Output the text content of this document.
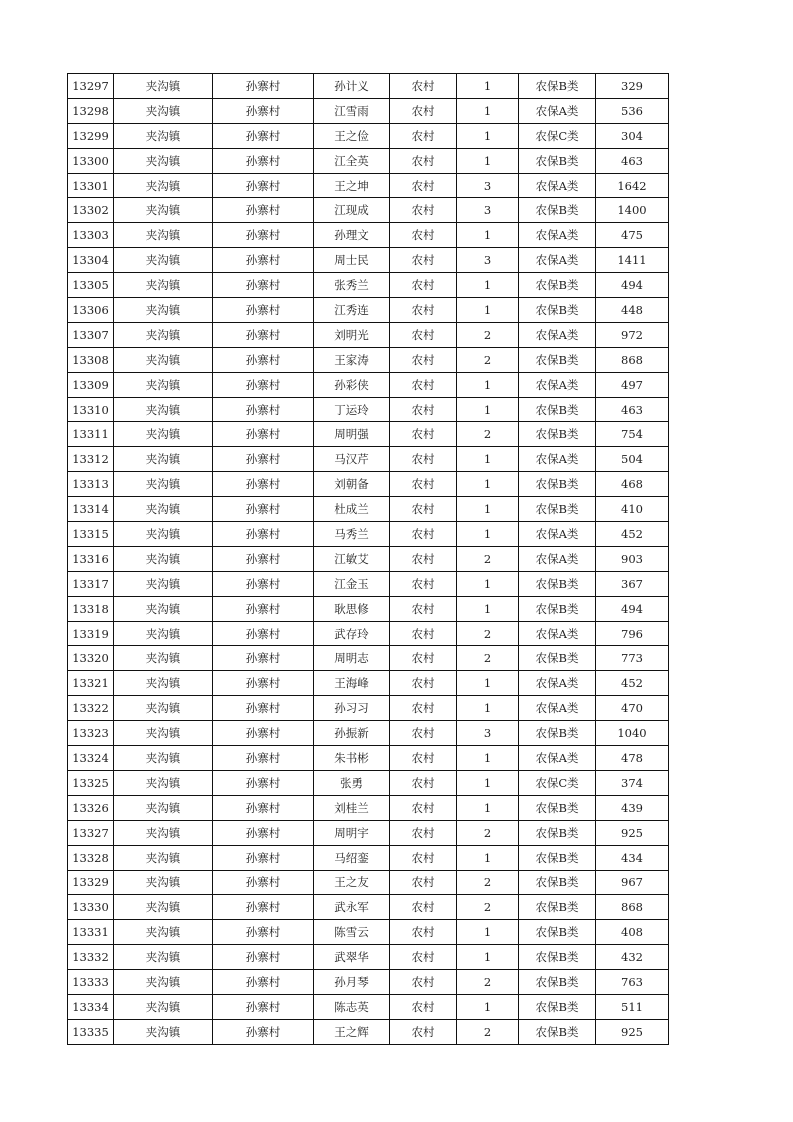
13297	夹沟镇	孙寨村	孙计义	农村	1	农保B类	329
13298	夹沟镇	孙寨村	江雪雨	农村	1	农保A类	536
13299	夹沟镇	孙寨村	王之俭	农村	1	农保C类	304
13300	夹沟镇	孙寨村	江全英	农村	1	农保B类	463
13301	夹沟镇	孙寨村	王之坤	农村	3	农保A类	1642
13302	夹沟镇	孙寨村	江现成	农村	3	农保B类	1400
13303	夹沟镇	孙寨村	孙理文	农村	1	农保A类	475
13304	夹沟镇	孙寨村	周士民	农村	3	农保A类	1411
13305	夹沟镇	孙寨村	张秀兰	农村	1	农保B类	494
13306	夹沟镇	孙寨村	江秀连	农村	1	农保B类	448
13307	夹沟镇	孙寨村	刘明光	农村	2	农保A类	972
13308	夹沟镇	孙寨村	王家涛	农村	2	农保B类	868
13309	夹沟镇	孙寨村	孙彩侠	农村	1	农保A类	497
13310	夹沟镇	孙寨村	丁运玲	农村	1	农保B类	463
13311	夹沟镇	孙寨村	周明强	农村	2	农保B类	754
13312	夹沟镇	孙寨村	马汉芹	农村	1	农保A类	504
13313	夹沟镇	孙寨村	刘朝备	农村	1	农保B类	468
13314	夹沟镇	孙寨村	杜成兰	农村	1	农保B类	410
13315	夹沟镇	孙寨村	马秀兰	农村	1	农保A类	452
13316	夹沟镇	孙寨村	江敏艾	农村	2	农保A类	903
13317	夹沟镇	孙寨村	江金玉	农村	1	农保B类	367
13318	夹沟镇	孙寨村	耿思修	农村	1	农保B类	494
13319	夹沟镇	孙寨村	武存玲	农村	2	农保A类	796
13320	夹沟镇	孙寨村	周明志	农村	2	农保B类	773
13321	夹沟镇	孙寨村	王海峰	农村	1	农保A类	452
13322	夹沟镇	孙寨村	孙习习	农村	1	农保A类	470
13323	夹沟镇	孙寨村	孙振新	农村	3	农保B类	1040
13324	夹沟镇	孙寨村	朱书彬	农村	1	农保A类	478
13325	夹沟镇	孙寨村	张勇	农村	1	农保C类	374
13326	夹沟镇	孙寨村	刘桂兰	农村	1	农保B类	439
13327	夹沟镇	孙寨村	周明宇	农村	2	农保B类	925
13328	夹沟镇	孙寨村	马绍銮	农村	1	农保B类	434
13329	夹沟镇	孙寨村	王之友	农村	2	农保B类	967
13330	夹沟镇	孙寨村	武永军	农村	2	农保B类	868
13331	夹沟镇	孙寨村	陈雪云	农村	1	农保B类	408
13332	夹沟镇	孙寨村	武翠华	农村	1	农保B类	432
13333	夹沟镇	孙寨村	孙月琴	农村	2	农保B类	763
13334	夹沟镇	孙寨村	陈志英	农村	1	农保B类	511
13335	夹沟镇	孙寨村	王之辉	农村	2	农保B类	925
